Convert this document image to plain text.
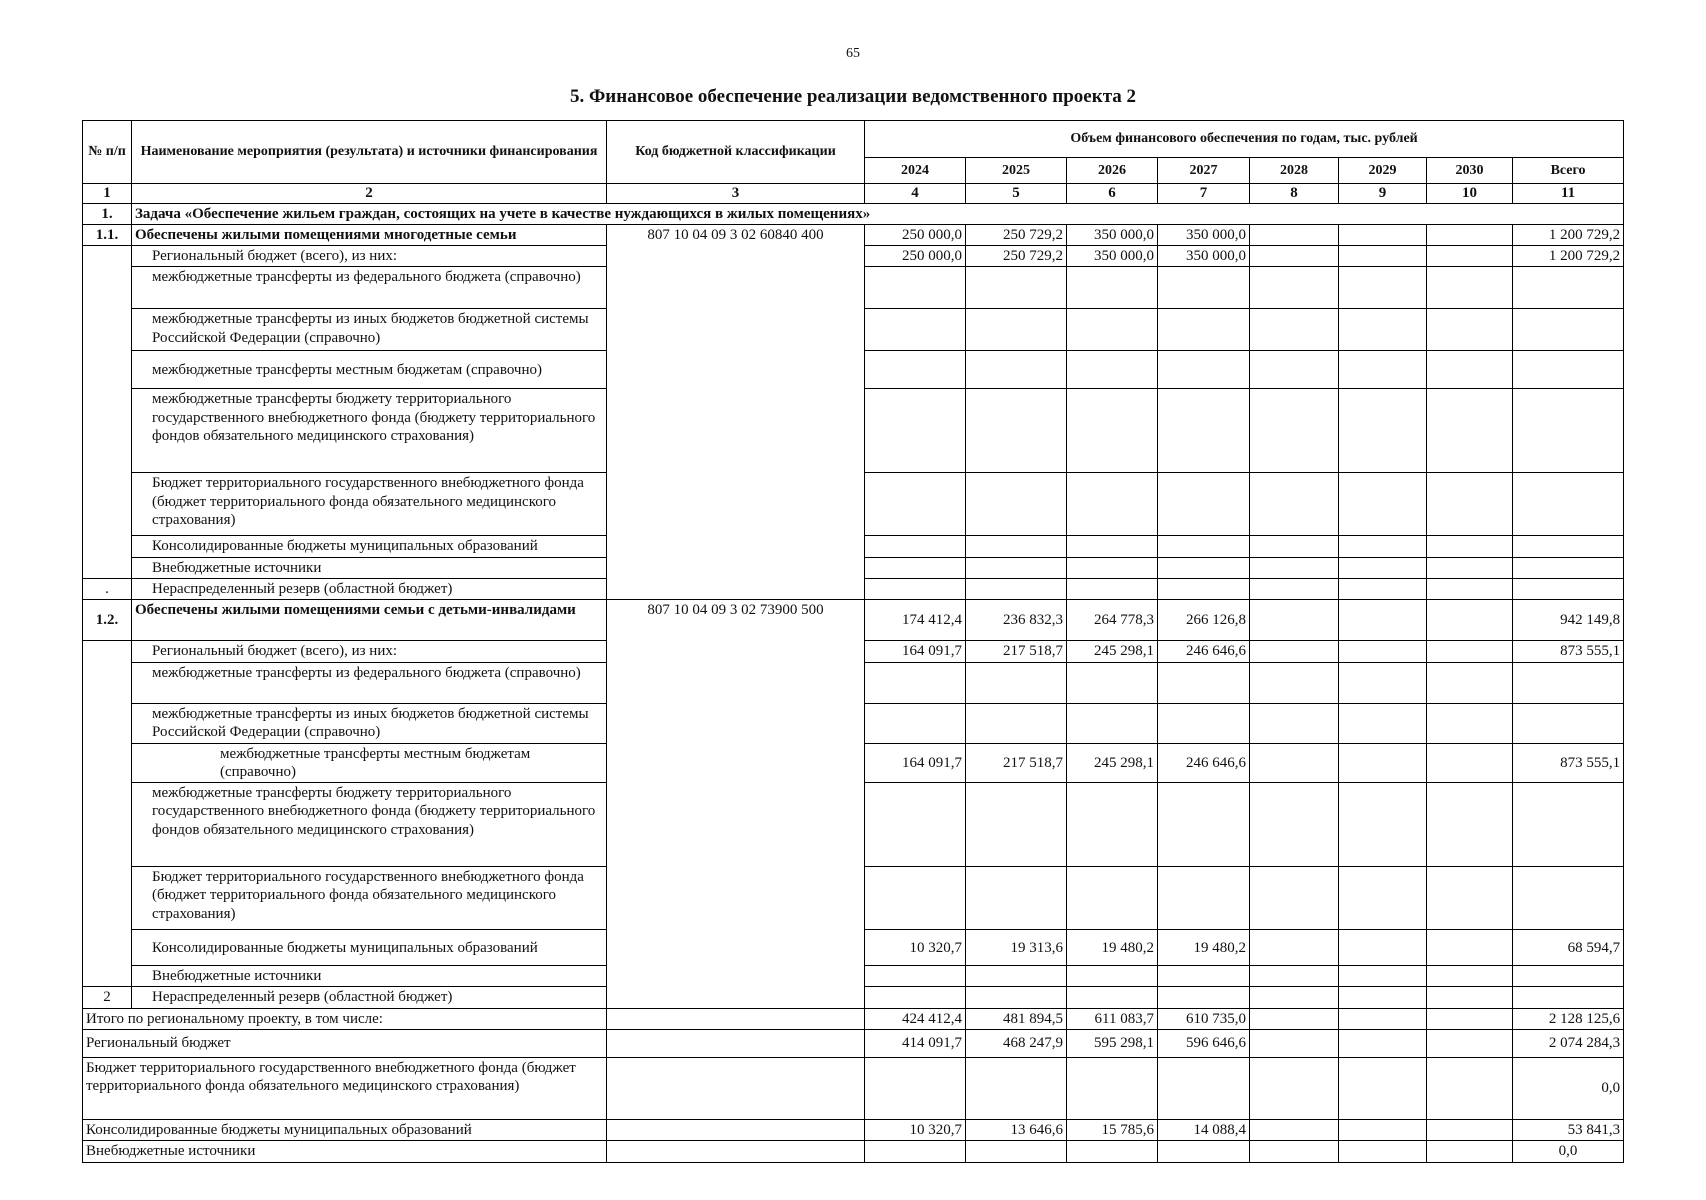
65
5. Финансовое обеспечение реализации ведомственного проекта 2
№ п/п	Наименование мероприятия (результата) и источники финансирования	Код бюджетной классификации	Объем финансового обеспечения по годам, тыс. рублей							
			2024	2025	2026	2027	2028	2029	2030	Всего
1	2	3	4	5	6	7	8	9	10	11
1.	Задача «Обеспечение жильем граждан, состоящих на учете в качестве нуждающихся в жилых помещениях»									
1.1.	Обеспечены жилыми помещениями многодетные семьи	807 10 04 09 3 02 60840 400	250 000,0	250 729,2	350 000,0	350 000,0				1 200 729,2
	Региональный бюджет (всего), из них:		250 000,0	250 729,2	350 000,0	350 000,0				1 200 729,2
	межбюджетные трансферты из федерального бюджета (справочно)									
	межбюджетные трансферты из иных бюджетов бюджетной системы Российской Федерации (справочно)									
	межбюджетные трансферты местным бюджетам (справочно)									
	межбюджетные трансферты бюджету территориального государственного внебюджетного фонда (бюджету территориального фондов обязательного медицинского страхования)									
	Бюджет территориального государственного внебюджетного фонда (бюджет территориального фонда обязательного медицинского страхования)									
	Консолидированные бюджеты муниципальных образований									
	Внебюджетные источники									
.	Нераспределенный резерв (областной бюджет)									
1.2.	Обеспечены жилыми помещениями семьи с детьми-инвалидами	807 10 04 09 3 02 73900 500	174 412,4	236 832,3	264 778,3	266 126,8				942 149,8
	Региональный бюджет (всего), из них:		164 091,7	217 518,7	245 298,1	246 646,6				873 555,1
	межбюджетные трансферты из федерального бюджета (справочно)									
	межбюджетные трансферты из иных бюджетов бюджетной системы Российской Федерации (справочно)									
	межбюджетные трансферты местным бюджетам (справочно)		164 091,7	217 518,7	245 298,1	246 646,6				873 555,1
	межбюджетные трансферты бюджету территориального государственного внебюджетного фонда (бюджету территориального фондов обязательного медицинского страхования)									
	Бюджет территориального государственного внебюджетного фонда (бюджет территориального фонда обязательного медицинского страхования)									
	Консолидированные бюджеты муниципальных образований		10 320,7	19 313,6	19 480,2	19 480,2				68 594,7
	Внебюджетные источники									
2	Нераспределенный резерв (областной бюджет)									
Итого по региональному проекту, в том числе:			424 412,4	481 894,5	611 083,7	610 735,0				2 128 125,6
Региональный бюджет			414 091,7	468 247,9	595 298,1	596 646,6				2 074 284,3
Бюджет территориального государственного внебюджетного фонда (бюджет территориального фонда обязательного медицинского страхования)										0,0
Консолидированные бюджеты муниципальных образований			10 320,7	13 646,6	15 785,6	14 088,4				53 841,3
Внебюджетные источники										0,0
